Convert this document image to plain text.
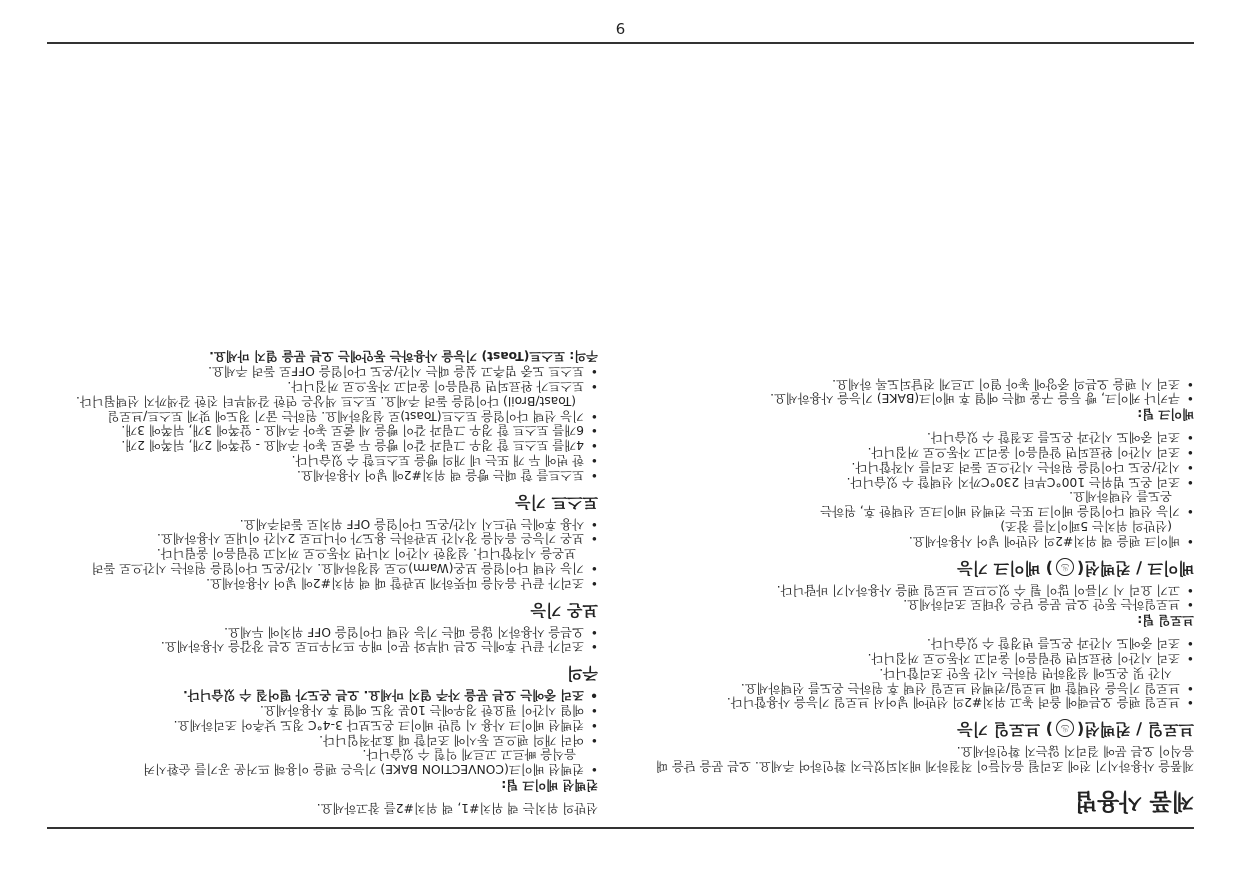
9
제품 사용법
제품을 사용하시기 전에 조리될 음식들이 적절하게 배치되었는지 확인하여 주세요. 오븐 문을 닫을 때
음식이 오븐 문에 걸리지 않는지 확인하세요.
브로일 / 컨벡션(♨) 브로일 기능
• 브로일 팬을 오븐랙에 올려 놓고 위치#2의 선반에 넣어서 브로일 기능을 사용합니다.
• 브로일 기능을 선택할 때 브로일/컨벡션 브로일 선택 후 원하는 온도를 선택하세요.
시간 및 온도에 설정하면 원하는 시간 동안 조리합니다.
• 조리 시간이 완료되면 알림음이 울리고 자동으로 꺼집니다.
• 조리 중에도 시간과 온도를 변경할 수 있습니다.
브로일 팁:
• 브로일하는 동안 오븐 문을 닫은 상태로 조리하세요.
• 고기 요리 시 기름이 많이 튈 수 있으므로 브로일 팬을 사용하시기 바랍니다.
베이크 / 컨벡션(♨) 베이크 기능
• 베이크 팬을 랙 위치#2의 선반에 넣어 사용하세요.
(선반의 위치는 5페이지를 참조)
• 기능 선택 다이얼을 베이크 또는 컨벡션 베이크로 선택한 후, 원하는
온도를 선택하세요.
• 조리 온도 범위는 100°C부터 230°C까지 선택할 수 있습니다.
• 시간/온도 다이얼을 원하는 시간으로 돌려 조리를 시작합니다.
• 조리 시간이 완료되면 알림음이 울리고 자동으로 꺼집니다.
• 조리 중에도 시간과 온도를 조절할 수 있습니다.
베이크 팁:
• 쿠키나 케이크, 빵 등을 구울 때는 예열 후 베이크(BAKE) 기능을 사용하세요.
• 조리 시 팬을 오븐의 중앙에 놓아 열이 고르게 전달되도록 하세요.
선반의 위치는 랙 위치#1, 랙 위치#2를 참고하세요.
컨벡션 베이크 팁:
• 컨벡션 베이크(CONVECTION BAKE) 기능은 팬을 이용해 뜨거운 공기를 순환시켜
음식을 빠르고 고르게 익힐 수 있습니다.
• 여러 개의 팬으로 동시에 조리할 때 효과적입니다.
• 컨벡션 베이크 사용 시 일반 베이크 온도보다 3-4°C 정도 낮추어 조리하세요.
• 예열 시간이 필요한 경우에는 10분 정도 예열 후 사용하세요.
• 조리 중에는 오븐 문을 자주 열지 마세요. 오븐 온도가 떨어질 수 있습니다.
주의
• 조리가 끝난 후에는 오븐 내부와 문이 매우 뜨거우므로 오븐 장갑을 사용하세요.
• 오븐을 사용하지 않을 때는 기능 선택 다이얼을 OFF 위치에 두세요.
보온 기능
• 조리가 끝난 음식을 따뜻하게 보관할 때 랙 위치#2에 넣어 사용하세요.
• 기능 선택 다이얼을 보온(Warm)으로 설정하세요. 시간/온도 다이얼을 원하는 시간으로 돌려
보온을 시작합니다. 설정한 시간이 지나면 자동으로 꺼지고 알림음이 울립니다.
• 보온 기능은 음식을 장시간 보관하는 용도가 아니므로 2시간 이내로 사용하세요.
• 사용 후에는 반드시 시간/온도 다이얼을 OFF 위치로 돌려주세요.
토스트 기능
• 토스트를 할 때는 빵을 랙 위치#2에 넣어 사용하세요.
• 한 번에 두 개 또는 네 개의 빵을 토스트할 수 있습니다.
• 4개를 토스트 할 경우 그림과 같이 빵을 두 줄로 놓아 주세요 - 앞쪽에 2개, 뒤쪽에 2개.
• 6개를 토스트 할 경우 그림과 같이 빵을 세 줄로 놓아 주세요 - 앞쪽에 3개, 뒤쪽에 3개.
• 기능 선택 다이얼을 토스트(Toast)로 설정하세요. 원하는 굽기 정도에 맞게 토스트/브로일
(Toast/Broil) 다이얼을 돌려 주세요. 토스트 색상은 연한 갈색부터 진한 갈색까지 선택됩니다.
• 토스트가 완료되면 알림음이 울리고 자동으로 꺼집니다.
• 토스트 도중 멈추고 싶을 때는 시간/온도 다이얼을 OFF로 돌려 주세요.
주의: 토스트(Toast) 기능을 사용하는 동안에는 오븐 문을 열지 마세요.
